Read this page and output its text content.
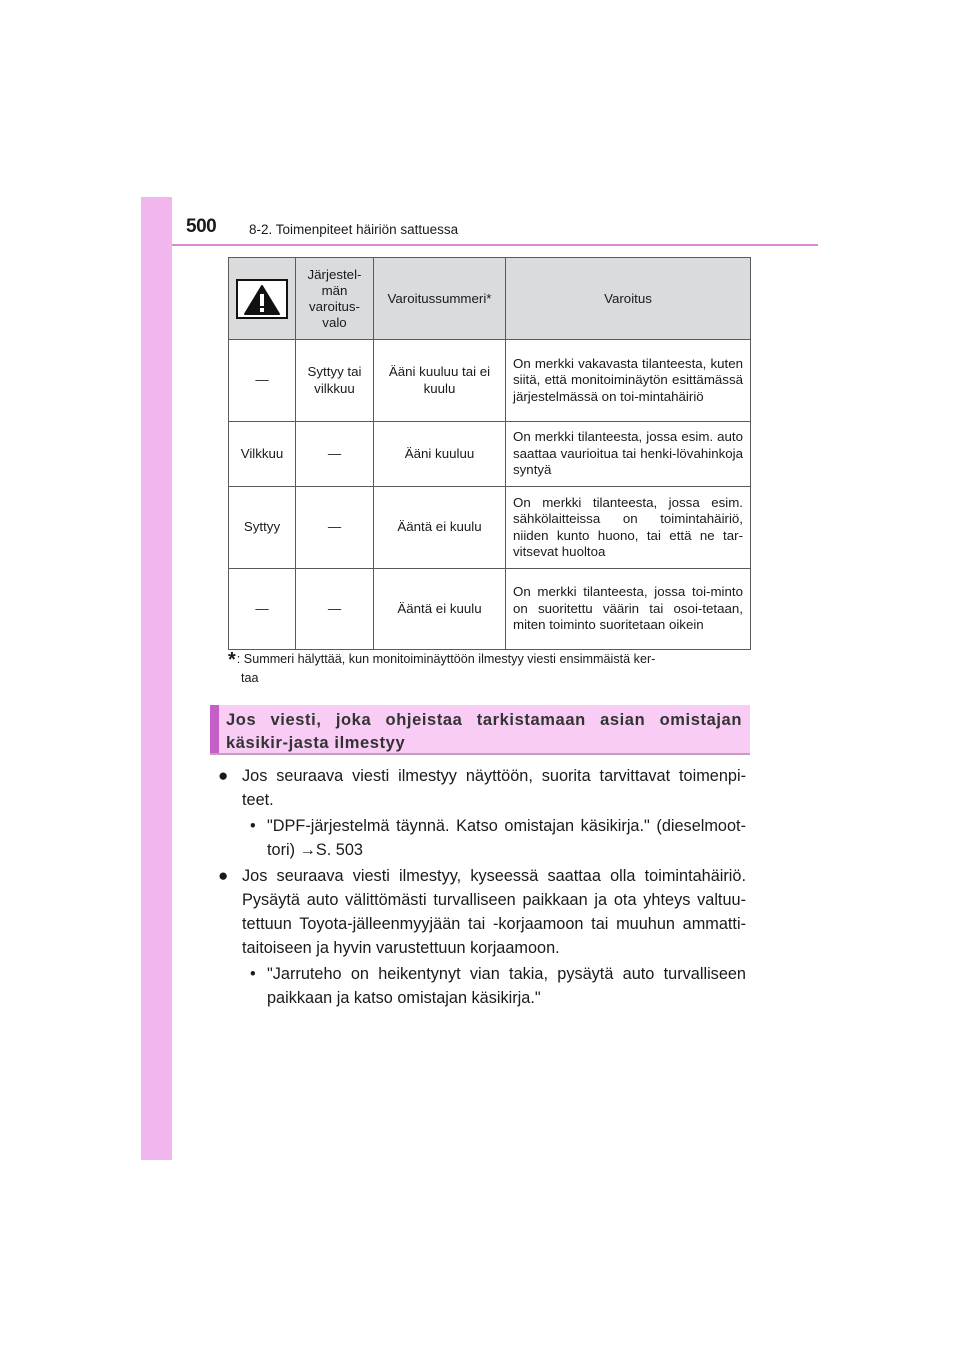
500 8-2. Toimenpiteet häiriön sattuessa
	Järjestel-
män
varoitus-
valo	Varoitussummeri*	Varoitus
—	Syttyy tai vilkkuu	Ääni kuuluu tai ei kuulu	On merkki vakavasta tilanteesta, kuten siitä, että monitoiminäytön esittämässä järjestelmässä on toi-mintahäiriö
Vilkkuu	—	Ääni kuuluu	On merkki tilanteesta, jossa esim. auto saattaa vaurioitua tai henki-lövahinkoja syntyä
Syttyy	—	Ääntä ei kuulu	On merkki tilanteesta, jossa esim. sähkölaitteissa on toimintahäiriö, niiden kunto huono, tai että ne tar-vitsevat huoltoa
—	—	Ääntä ei kuulu	On merkki tilanteesta, jossa toi-minto on suoritettu väärin tai osoi-tetaan, miten toiminto suoritetaan oikein
*: Summeri hälyttää, kun monitoiminäyttöön ilmestyy viesti ensimmäistä ker-
taa
Jos viesti, joka ohjeistaa tarkistamaan asian omistajan käsikir-jasta ilmestyy
● Jos seuraava viesti ilmestyy näyttöön, suorita tarvittavat toimenpi-teet.
• "DPF-järjestelmä täynnä. Katso omistajan käsikirja." (dieselmoot-tori) →S. 503
● Jos seuraava viesti ilmestyy, kyseessä saattaa olla toimintahäiriö. Pysäytä auto välittömästi turvalliseen paikkaan ja ota yhteys valtuu-tettuun Toyota-jälleenmyyjään tai -korjaamoon tai muuhun ammatti-taitoiseen ja hyvin varustettuun korjaamoon.
• "Jarruteho on heikentynyt vian takia, pysäytä auto turvalliseen paikkaan ja katso omistajan käsikirja."
